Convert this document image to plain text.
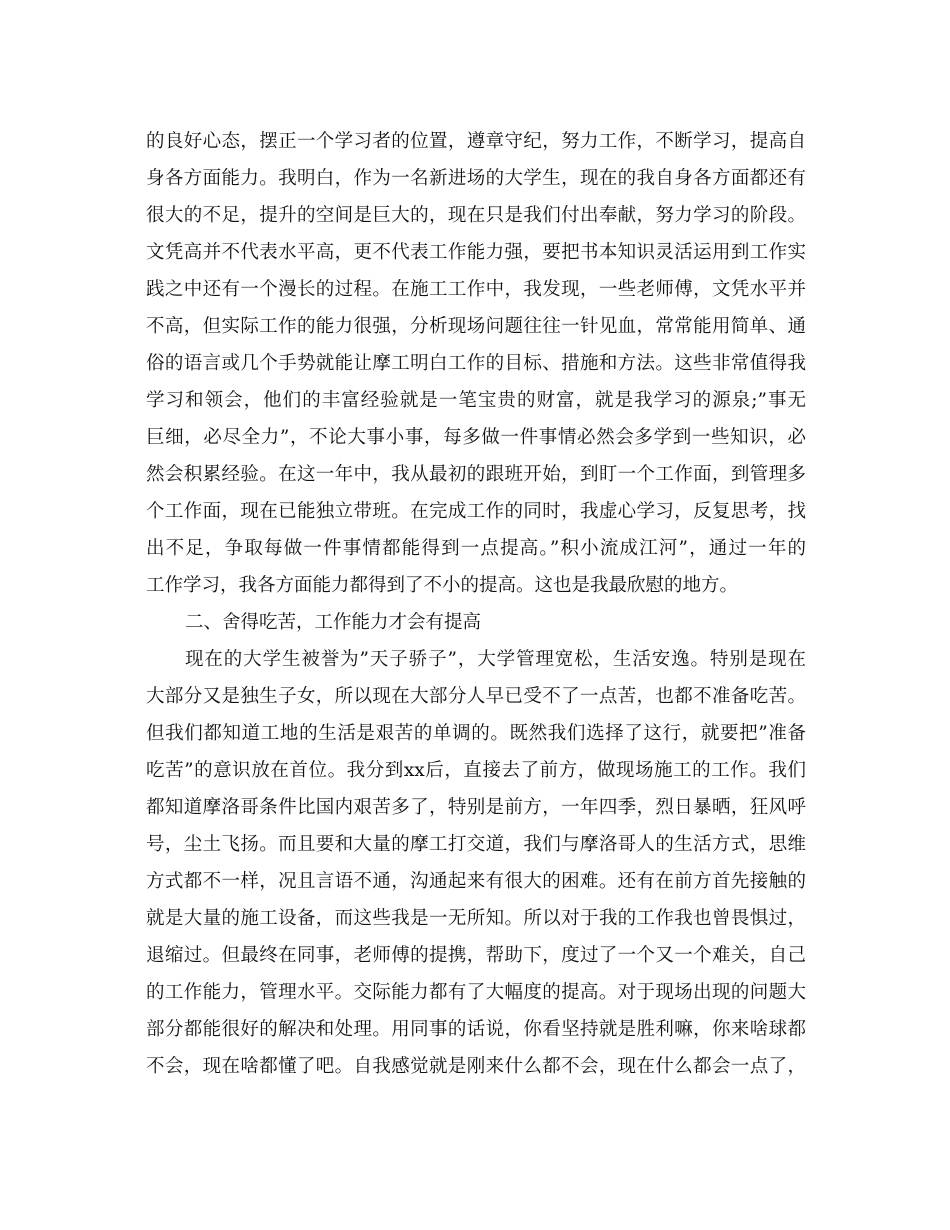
的良好心态，摆正一个学习者的位置，遵章守纪，努力工作，不断学习，提高自
身各方面能力。我明白，作为一名新进场的大学生，现在的我自身各方面都还有
很大的不足，提升的空间是巨大的，现在只是我们付出奉献，努力学习的阶段。
文凭高并不代表水平高，更不代表工作能力强，要把书本知识灵活运用到工作实
践之中还有一个漫长的过程。在施工工作中，我发现，一些老师傅，文凭水平并
不高，但实际工作的能力很强，分析现场问题往往一针见血，常常能用简单、通
俗的语言或几个手势就能让摩工明白工作的目标、措施和方法。这些非常值得我
学习和领会，他们的丰富经验就是一笔宝贵的财富，就是我学习的源泉;”事无
巨细，必尽全力”，不论大事小事，每多做一件事情必然会多学到一些知识，必
然会积累经验。在这一年中，我从最初的跟班开始，到盯一个工作面，到管理多
个工作面，现在已能独立带班。在完成工作的同时，我虚心学习，反复思考，找
出不足，争取每做一件事情都能得到一点提高。”积小流成江河”，通过一年的
工作学习，我各方面能力都得到了不小的提高。这也是我最欣慰的地方。
二、舍得吃苦，工作能力才会有提高
现在的大学生被誉为”天子骄子”，大学管理宽松，生活安逸。特别是现在
大部分又是独生子女，所以现在大部分人早已受不了一点苦，也都不准备吃苦。
但我们都知道工地的生活是艰苦的单调的。既然我们选择了这行，就要把”准备
吃苦”的意识放在首位。我分到xx后，直接去了前方，做现场施工的工作。我们
都知道摩洛哥条件比国内艰苦多了，特别是前方，一年四季，烈日暴晒，狂风呼
号，尘土飞扬。而且要和大量的摩工打交道，我们与摩洛哥人的生活方式，思维
方式都不一样，况且言语不通，沟通起来有很大的困难。还有在前方首先接触的
就是大量的施工设备，而这些我是一无所知。所以对于我的工作我也曾畏惧过，
退缩过。但最终在同事，老师傅的提携，帮助下，度过了一个又一个难关，自己
的工作能力，管理水平。交际能力都有了大幅度的提高。对于现场出现的问题大
部分都能很好的解决和处理。用同事的话说，你看坚持就是胜利嘛，你来啥球都
不会，现在啥都懂了吧。自我感觉就是刚来什么都不会，现在什么都会一点了，
